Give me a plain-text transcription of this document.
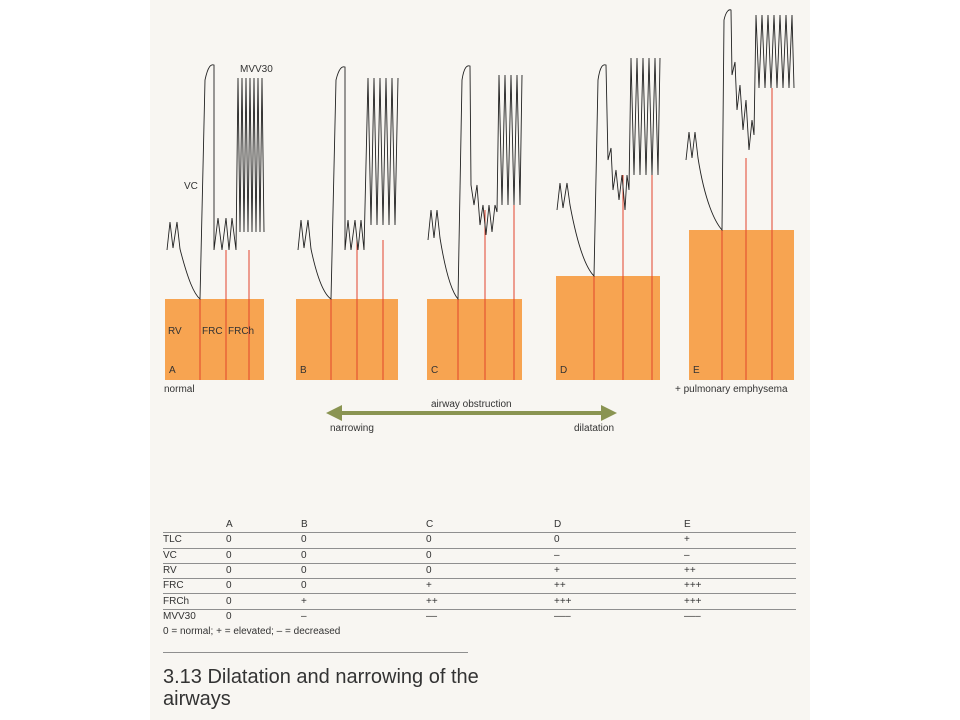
MVV30
VC
RV FRC FRCh
A	B	C	D	E
normal	+ pulmonary emphysema
airway obstruction
narrowing	dilatation
	A	B	C	D	E
TLC	0	0	0	0	+
VC	0	0	0	–	–
RV	0	0	0	+	++
FRC	0	0	+	++	+++
FRCh	0	+	++	+++	+++
MVV30	0	–	––	–––	–––
0 = normal; + = elevated; – = decreased
3.13 Dilatation and narrowing of the airways
